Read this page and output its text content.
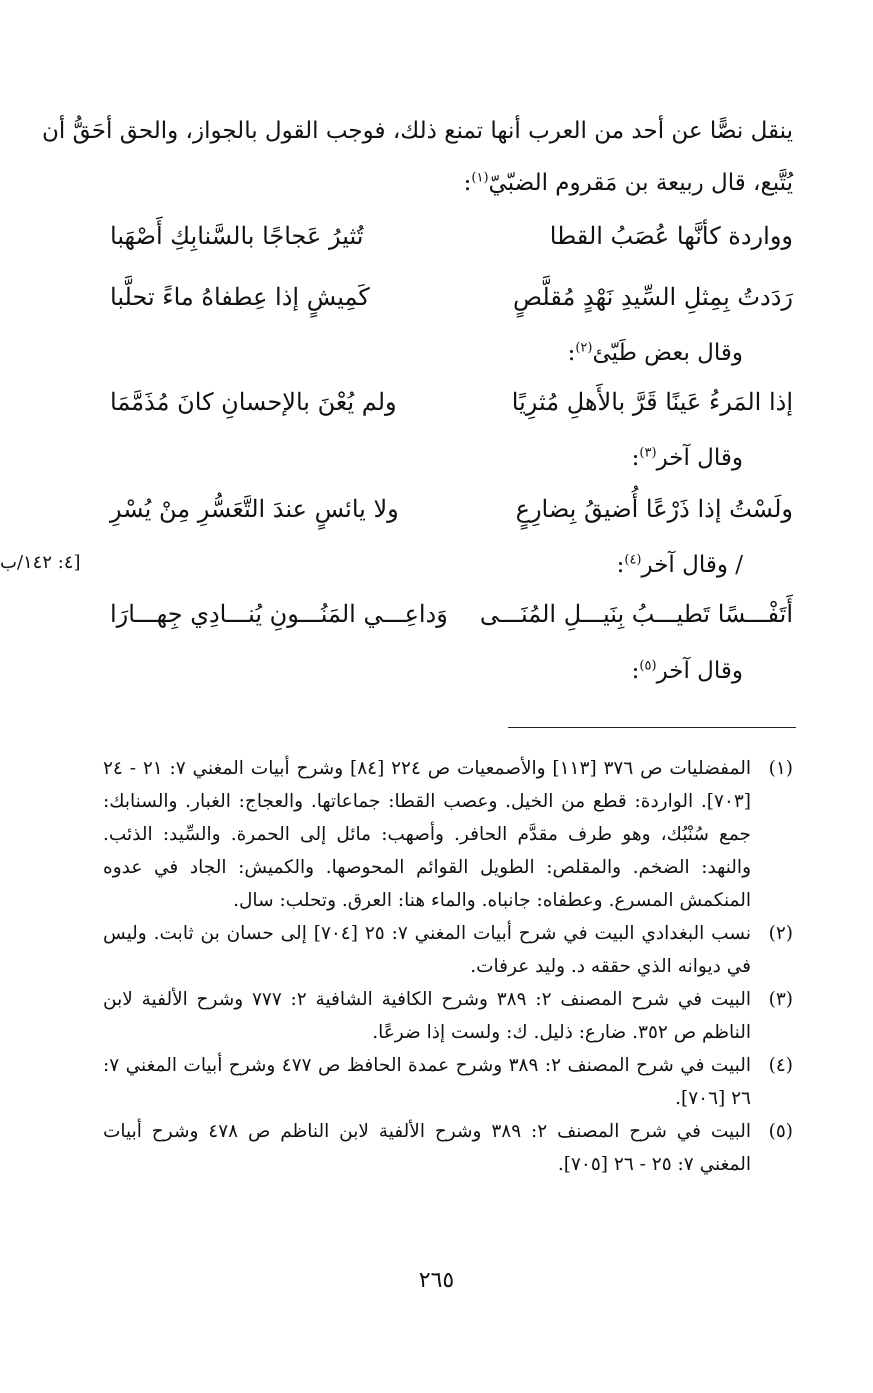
ينقل نصًّا عن أحد من العرب أنها تمنع ذلك، فوجب القول بالجواز، والحق أحَقُّ أن
يُتَّبع، قال ربيعة بن مَقروم الضبّيّ$^{(١)}$:
وواردة كأنَّها عُصَبُ القطا
تُثيرُ عَجاجًا بالسَّنابِكِ أَصْهَبا
رَدَدتُ بِمِثلِ السِّيدِ نَهْدٍ مُقلَّصٍ
كَمِيشٍ إذا عِطفاهُ ماءً تحلَّبا
وقال بعض طَيّئ$^{(٢)}$:
إذا المَرءُ عَينًا قَرَّ بالأَهلِ مُثرِيًا
ولم يُعْنَ بالإحسانِ كانَ مُذَمَّمَا
وقال آخر$^{(٣)}$:
ولَسْتُ إذا ذَرْعًا أُضيقُ بِضارِعٍ
ولا يائسٍ عندَ التَّعَسُّرِ مِنْ يُسْرِ
[٤: ١٤٢/ب	/ وقال آخر$^{(٤)}$:
أَتَفْـــسًا تَطيـــبُ بِنَيـــلِ المُنَـــى
وَداعِـــي المَنُـــونِ يُنـــادِي جِهـــارَا
وقال آخر$^{(٥)}$:
(١)
المفضليات ص ٣٧٦ [١١٣] والأصمعيات ص ٢٢٤ [٨٤] وشرح أبيات المغني ٧: ٢١ - ٢٤ [٧٠٣]. الواردة: قطع من الخيل. وعصب القطا: جماعاتها. والعجاج: الغبار. والسنابك: جمع سُنْبُك، وهو طرف مقدَّم الحافر. وأصهب: مائل إلى الحمرة. والسِّيد: الذئب. والنهد: الضخم. والمقلص: الطويل القوائم المحوصها. والكميش: الجاد في عدوه المنكمش المسرع. وعطفاه: جانباه. والماء هنا: العرق. وتحلب: سال.
(٢)
نسب البغدادي البيت في شرح أبيات المغني ٧: ٢٥ [٧٠٤] إلى حسان بن ثابت. وليس في ديوانه الذي حققه د. وليد عرفات.
(٣)
البيت في شرح المصنف ٢: ٣٨٩ وشرح الكافية الشافية ٢: ٧٧٧ وشرح الألفية لابن الناظم ص ٣٥٢. ضارع: ذليل. ك: ولست إذا ضرعًا.
(٤)
البيت في شرح المصنف ٢: ٣٨٩ وشرح عمدة الحافظ ص ٤٧٧ وشرح أبيات المغني ٧: ٢٦ [٧٠٦].
(٥)
البيت في شرح المصنف ٢: ٣٨٩ وشرح الألفية لابن الناظم ص ٤٧٨ وشرح أبيات المغني ٧: ٢٥ - ٢٦ [٧٠٥].
٢٦٥
